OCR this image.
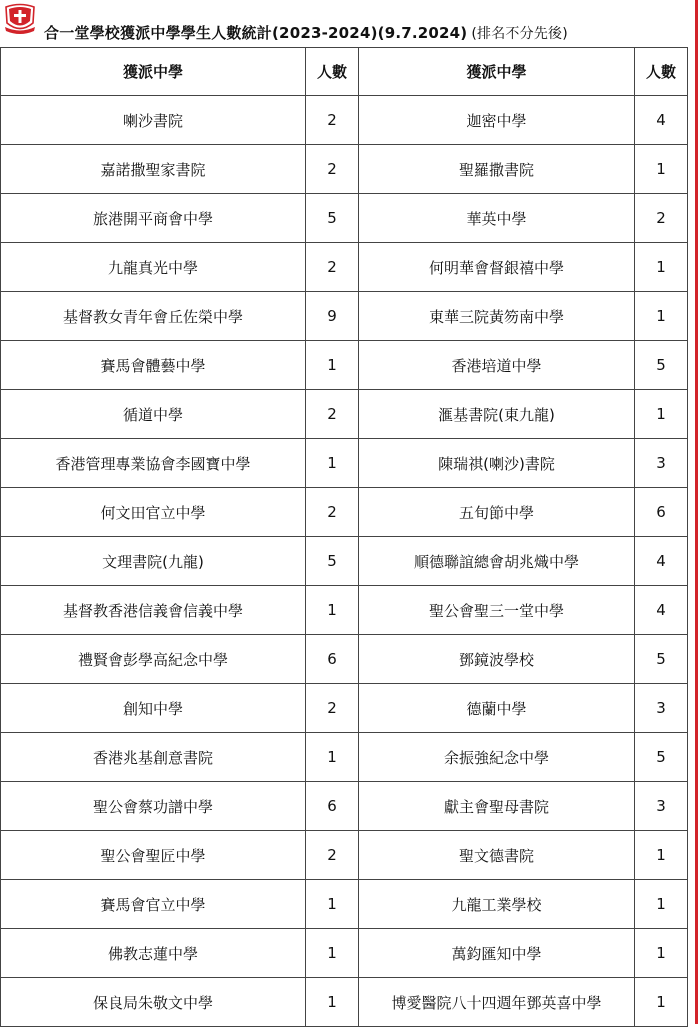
合一堂學校獲派中學學生人數統計(2023-2024)(9.7.2024) (排名不分先後)
獲派中學	人數	獲派中學	人數
喇沙書院	2	迦密中學	4
嘉諾撒聖家書院	2	聖羅撒書院	1
旅港開平商會中學	5	華英中學	2
九龍真光中學	2	何明華會督銀禧中學	1
基督教女青年會丘佐榮中學	9	東華三院黃笏南中學	1
賽馬會體藝中學	1	香港培道中學	5
循道中學	2	滙基書院(東九龍)	1
香港管理專業協會李國寶中學	1	陳瑞祺(喇沙)書院	3
何文田官立中學	2	五旬節中學	6
文理書院(九龍)	5	順德聯誼總會胡兆熾中學	4
基督教香港信義會信義中學	1	聖公會聖三一堂中學	4
禮賢會彭學高紀念中學	6	鄧鏡波學校	5
創知中學	2	德蘭中學	3
香港兆基創意書院	1	余振強紀念中學	5
聖公會蔡功譜中學	6	獻主會聖母書院	3
聖公會聖匠中學	2	聖文德書院	1
賽馬會官立中學	1	九龍工業學校	1
佛教志蓮中學	1	萬鈞匯知中學	1
保良局朱敬文中學	1	博愛醫院八十四週年鄧英喜中學	1
